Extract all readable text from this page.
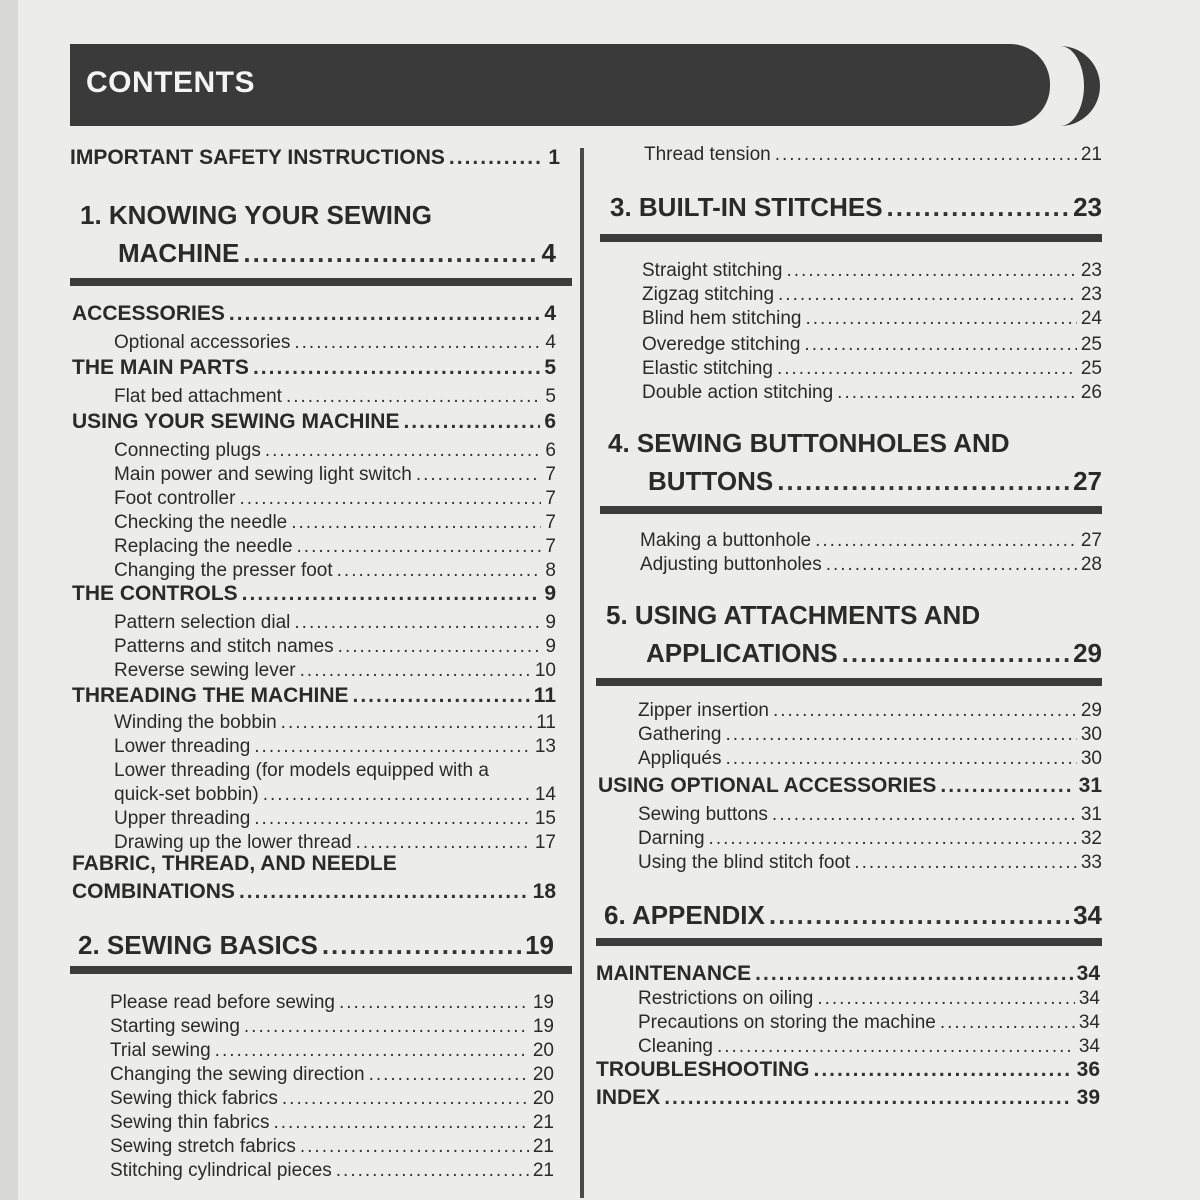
CONTENTS
IMPORTANT SAFETY INSTRUCTIONS .....	1
1. KNOWING YOUR SEWING
MACHINE .....	4
ACCESSORIES .....	4
Optional accessories .....	4
THE MAIN PARTS .....	5
Flat bed attachment .....	5
USING YOUR SEWING MACHINE .....	6
Connecting plugs .....	6
Main power and sewing light switch .....	7
Foot controller .....	7
Checking the needle .....	7
Replacing the needle .....	7
Changing the presser foot .....	8
THE CONTROLS .....	9
Pattern selection dial .....	9
Patterns and stitch names .....	9
Reverse sewing lever .....	10
THREADING THE MACHINE .....	11
Winding the bobbin .....	11
Lower threading .....	13
Lower threading (for models equipped with a
quick-set bobbin) .....	14
Upper threading .....	15
Drawing up the lower thread .....	17
FABRIC, THREAD, AND NEEDLE
COMBINATIONS .....	18
2. SEWING BASICS .....	19
Please read before sewing .....	19
Starting sewing .....	19
Trial sewing .....	20
Changing the sewing direction .....	20
Sewing thick fabrics .....	20
Sewing thin fabrics .....	21
Sewing stretch fabrics .....	21
Stitching cylindrical pieces .....	21
Thread tension .....	21
3. BUILT-IN STITCHES .....	23
Straight stitching .....	23
Zigzag stitching .....	23
Blind hem stitching .....	24
Overedge stitching .....	25
Elastic stitching .....	25
Double action stitching .....	26
4. SEWING BUTTONHOLES AND
BUTTONS .....	27
Making a buttonhole .....	27
Adjusting buttonholes .....	28
5. USING ATTACHMENTS AND
APPLICATIONS .....	29
Zipper insertion .....	29
Gathering .....	30
Appliqués .....	30
USING OPTIONAL ACCESSORIES .....	31
Sewing buttons .....	31
Darning .....	32
Using the blind stitch foot .....	33
6. APPENDIX .....	34
MAINTENANCE .....	34
Restrictions on oiling .....	34
Precautions on storing the machine .....	34
Cleaning .....	34
TROUBLESHOOTING .....	36
INDEX .....	39
